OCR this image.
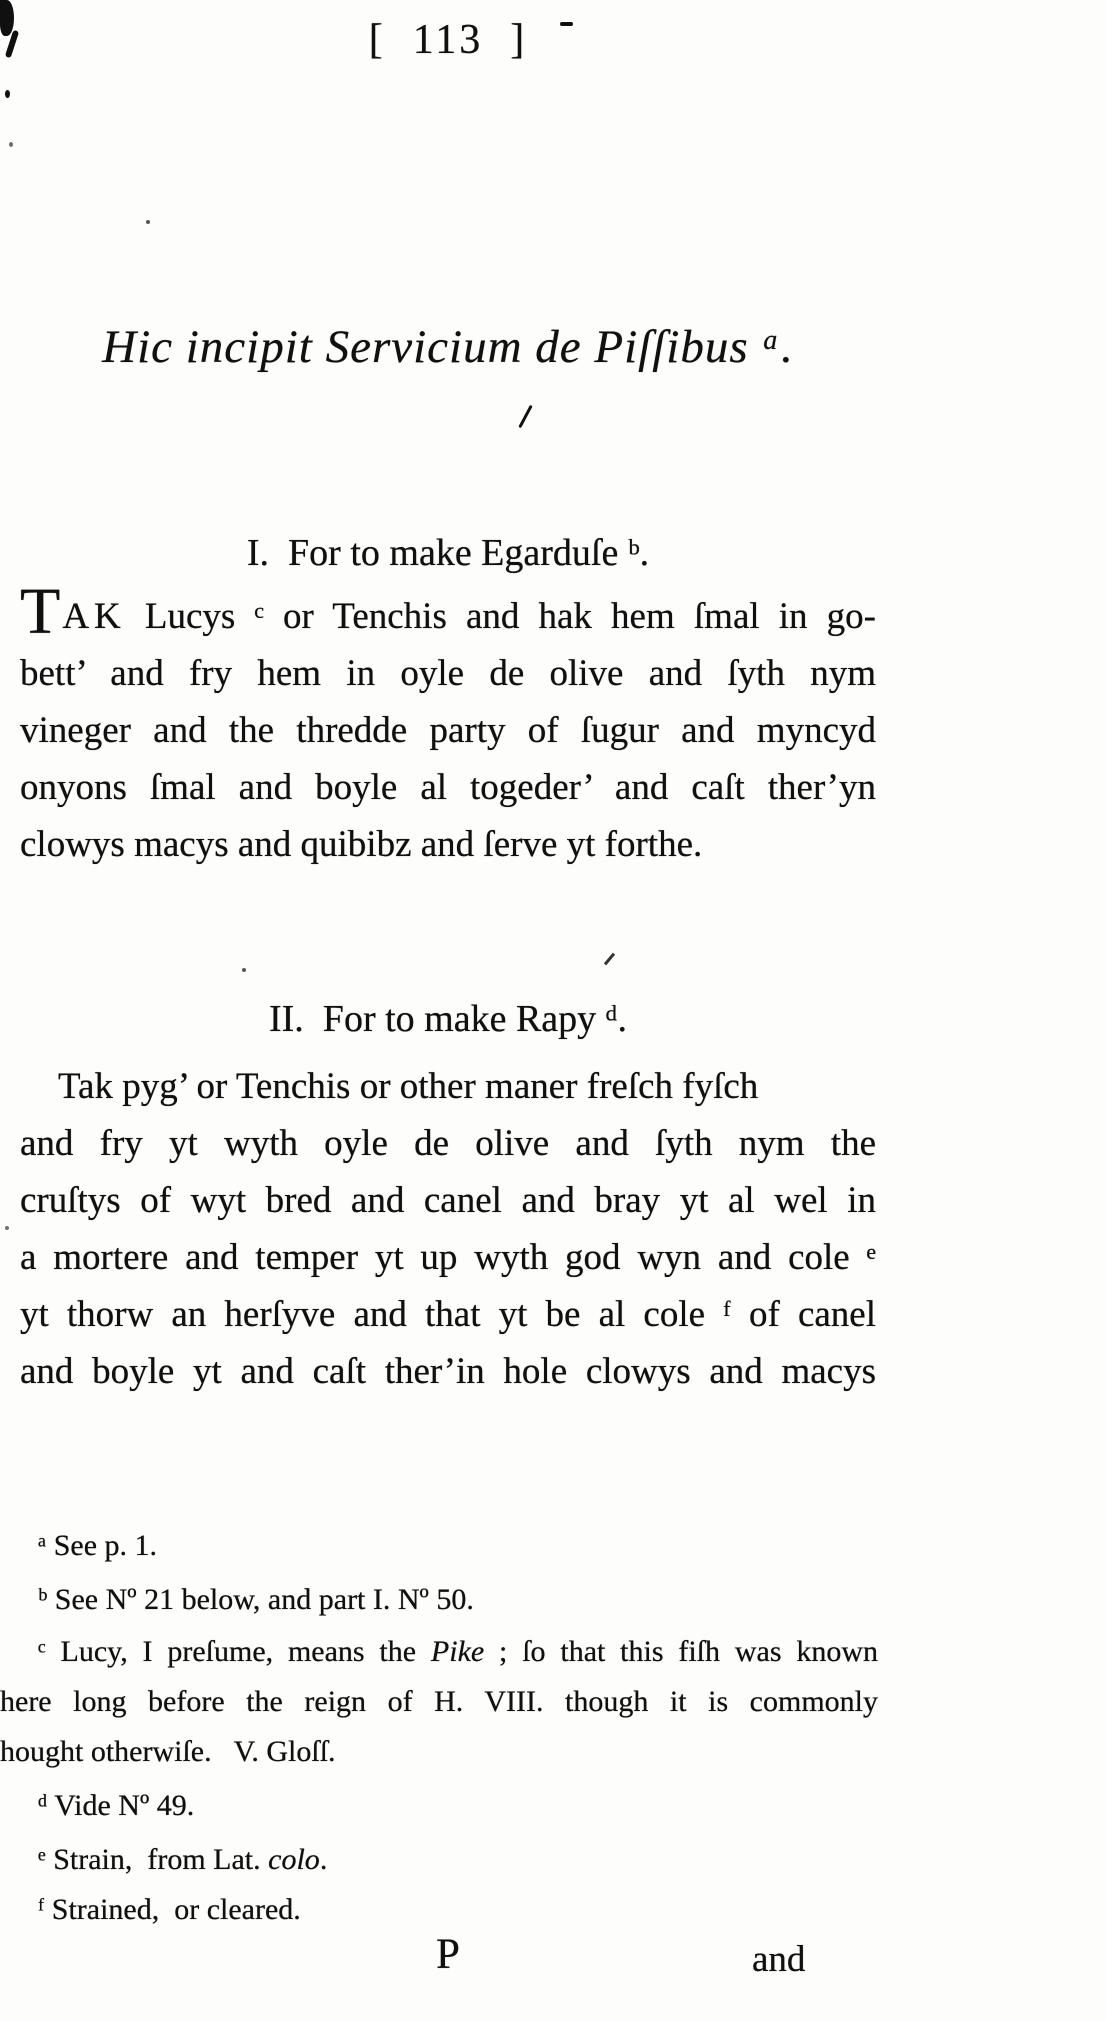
[  113  ]
Hic incipit Servicium de Piſſibus ᵃ.
I.  For to make Egarduſe ᵇ.
TAK Lucys ᶜ or Tenchis and hak hem ſmal in go-
bett’ and fry hem in oyle de olive and ſyth nym
vineger and the thredde party of ſugur and myncyd
onyons ſmal and boyle al togeder’ and caſt ther’yn
clowys macys and quibibz and ſerve yt forthe.
II.  For to make Rapy ᵈ.
Tak pyg’ or Tenchis or other maner freſch fyſch
and fry yt wyth oyle de olive and ſyth nym the
cruſtys of wyt bred and canel and bray yt al wel in
a mortere and temper yt up wyth god wyn and cole ᵉ
yt thorw an herſyve and that yt be al cole ᶠ of canel
and boyle yt and caſt ther’in hole clowys and macys
ᵃ See p. 1.
ᵇ See Nº 21 below, and part I. Nº 50.
ᶜ Lucy, I preſume, means the Pike ; ſo that this fiſh was known
here long before the reign of H. VIII. though it is commonly
hought otherwiſe.   V. Gloſſ.
ᵈ Vide Nº 49.
ᵉ Strain,  from Lat. colo.
ᶠ Strained,  or cleared.
P	and
